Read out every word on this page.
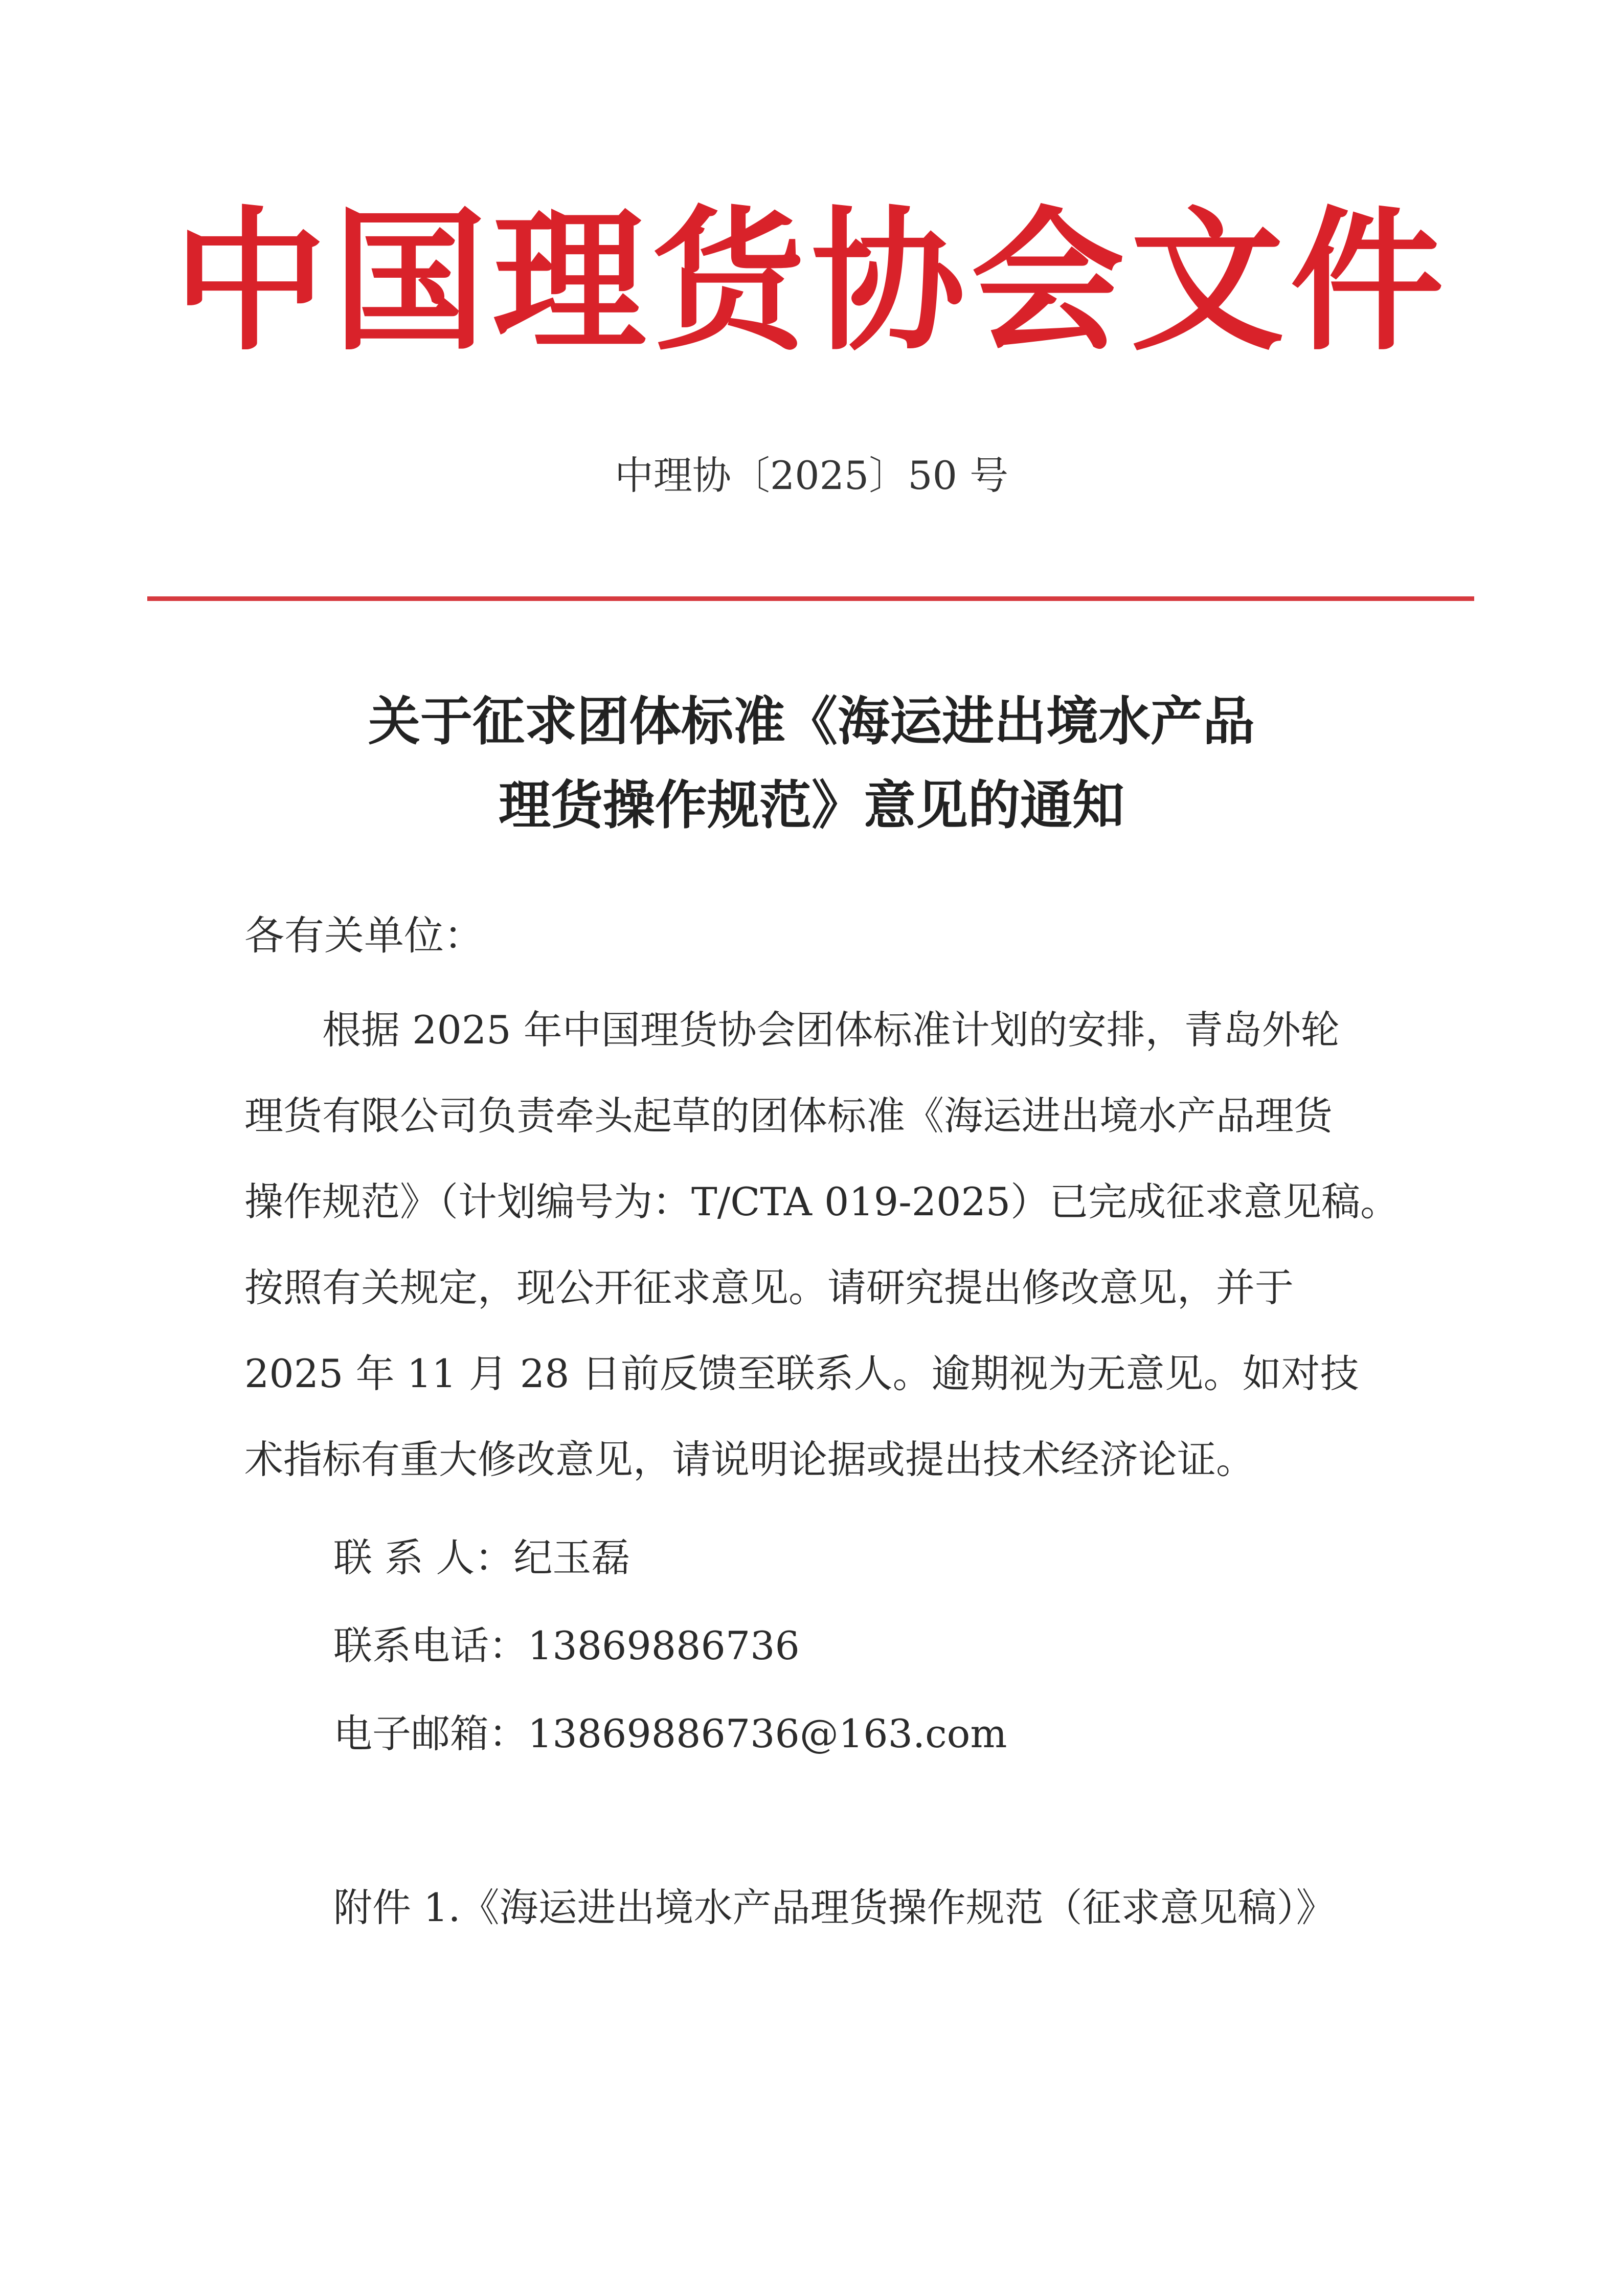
中国理货协会文件
中理协〔2025〕50 号
关于征求团体标准《海运进出境水产品
理货操作规范》意见的通知
各有关单位：
　　根据 2025 年中国理货协会团体标准计划的安排，青岛外轮
理货有限公司负责牵头起草的团体标准《海运进出境水产品理货
操作规范》（计划编号为：T/CTA 019-2025）已完成征求意见稿。
按照有关规定，现公开征求意见。请研究提出修改意见，并于
2025 年 11 月 28 日前反馈至联系人。逾期视为无意见。如对技
术指标有重大修改意见，请说明论据或提出技术经济论证。
联 系 人：纪玉磊
联系电话：13869886736
电子邮箱：13869886736@163.com
附件 1.《海运进出境水产品理货操作规范（征求意见稿）》
